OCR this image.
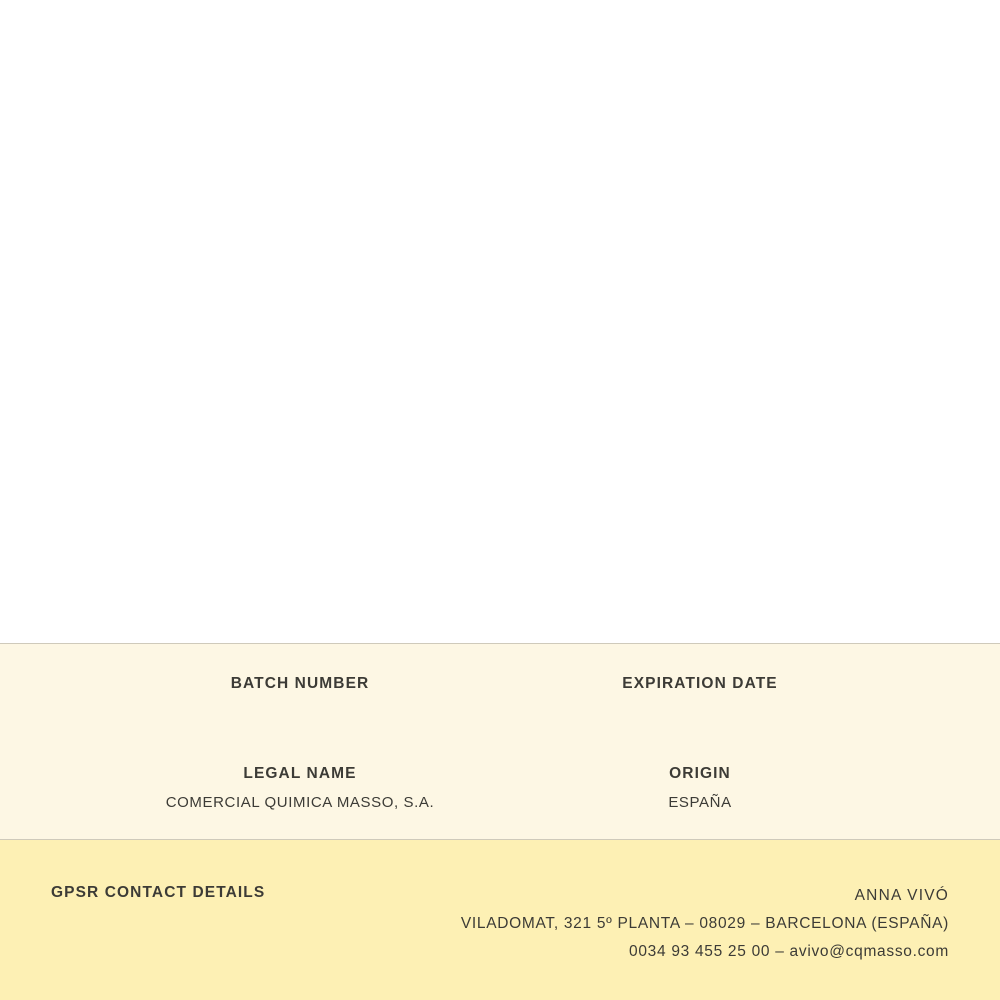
BATCH NUMBER	EXPIRATION DATE
LEGAL NAME
COMERCIAL QUIMICA MASSO, S.A.
ORIGIN
ESPAÑA
GPSR CONTACT DETAILS	ANNA VIVÓ
VILADOMAT, 321 5º PLANTA – 08029 – BARCELONA (ESPAÑA)
0034 93 455 25 00 – avivo@cqmasso.com
